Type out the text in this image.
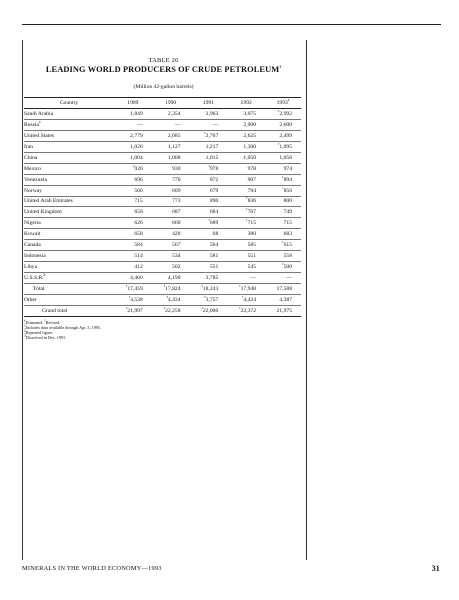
TABLE 26
LEADING WORLD PRODUCERS OF CRUDE PETROLEUM$^1$
(Million 42-gallon barrels)
Country	1989	1990	1991	1992	1993e
Saudi Arabia	1,849	2,354	2,963	3,075	$^r$2,992
Russia$^a$	—	—	—	2,900	2,600
United States	2,779	2,685	$^r$2,707	2,625	2,499
Iran	1,026	1,127	1,217	1,300	$^r$1,095
China	1,004	1,008	1,015	1,050	1,058
Mexico	$^r$920	930	$^r$978	978	974
Venezuela	696	770	872	907	$^r$894
Norway	560	609	679	794	$^r$856
United Arab Emirates	715	773	890	$^r$836	800
United Kingdom	656	687	684	$^r$707	749
Nigeria	626	660	$^r$689	$^r$715	715
Kuwait	658	428	68	380	683
Canada	584	567	564	585	$^r$615
Indonesia	514	534	581	551	558
Libya	412	502	551	545	$^r$500
U.S.S.R.$^b$	4,460	4,190	3,785	—	—
Total	$^r$17,459	$^r$17,824	$^r$18,243	$^r$17,948	17,588
Other	$^r$4,538	$^r$4,434	$^r$3,757	$^r$4,424	4,387
Grand total	$^r$21,997	$^r$22,258	$^r$22,000	$^r$22,372	21,975
$^e$Estimated. $^r$Revised.
$^1$Includes data available through Apr. 5, 1995.
$^2$Reported figure.
$^3$Dissolved in Dec. 1991.
MINERALS IN THE WORLD ECONOMY—1993	31
